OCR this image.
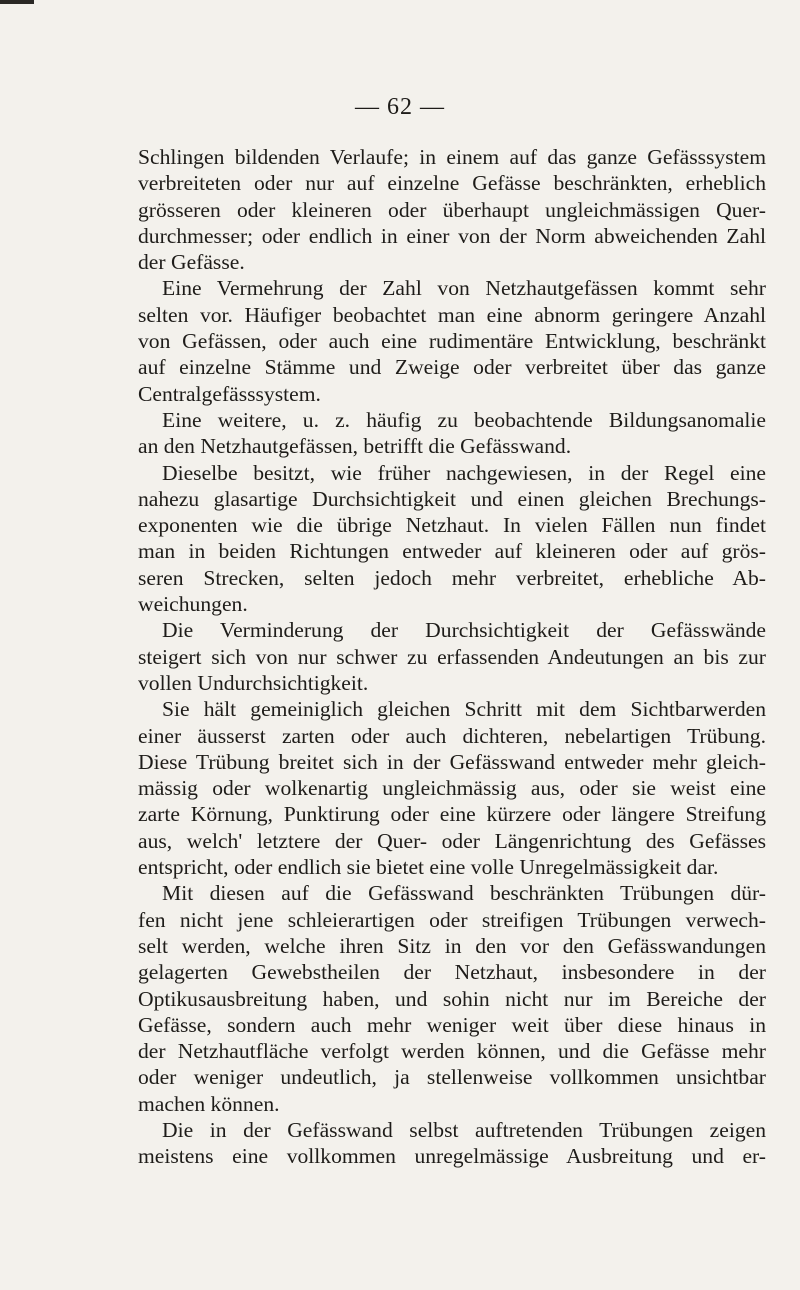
— 62 —
Schlingen bildenden Verlaufe; in einem auf das ganze Gefässsystem
verbreiteten oder nur auf einzelne Gefässe beschränkten, erheblich
grösseren oder kleineren oder überhaupt ungleichmässigen Quer-
durchmesser; oder endlich in einer von der Norm abweichenden Zahl
der Gefässe.
Eine Vermehrung der Zahl von Netzhautgefässen kommt sehr
selten vor. Häufiger beobachtet man eine abnorm geringere Anzahl
von Gefässen, oder auch eine rudimentäre Entwicklung, beschränkt
auf einzelne Stämme und Zweige oder verbreitet über das ganze
Centralgefässsystem.
Eine weitere, u. z. häufig zu beobachtende Bildungsanomalie
an den Netzhautgefässen, betrifft die Gefässwand.
Dieselbe besitzt, wie früher nachgewiesen, in der Regel eine
nahezu glasartige Durchsichtigkeit und einen gleichen Brechungs-
exponenten wie die übrige Netzhaut. In vielen Fällen nun findet
man in beiden Richtungen entweder auf kleineren oder auf grös-
seren Strecken, selten jedoch mehr verbreitet, erhebliche Ab-
weichungen.
Die Verminderung der Durchsichtigkeit der Gefässwände
steigert sich von nur schwer zu erfassenden Andeutungen an bis zur
vollen Undurchsichtigkeit.
Sie hält gemeiniglich gleichen Schritt mit dem Sichtbarwerden
einer äusserst zarten oder auch dichteren, nebelartigen Trübung.
Diese Trübung breitet sich in der Gefässwand entweder mehr gleich-
mässig oder wolkenartig ungleichmässig aus, oder sie weist eine
zarte Körnung, Punktirung oder eine kürzere oder längere Streifung
aus, welch' letztere der Quer- oder Längenrichtung des Gefässes
entspricht, oder endlich sie bietet eine volle Unregelmässigkeit dar.
Mit diesen auf die Gefässwand beschränkten Trübungen dür-
fen nicht jene schleierartigen oder streifigen Trübungen verwech-
selt werden, welche ihren Sitz in den vor den Gefässwandungen
gelagerten Gewebstheilen der Netzhaut, insbesondere in der
Optikusausbreitung haben, und sohin nicht nur im Bereiche der
Gefässe, sondern auch mehr weniger weit über diese hinaus in
der Netzhautfläche verfolgt werden können, und die Gefässe mehr
oder weniger undeutlich, ja stellenweise vollkommen unsichtbar
machen können.
Die in der Gefässwand selbst auftretenden Trübungen zeigen
meistens eine vollkommen unregelmässige Ausbreitung und er-
